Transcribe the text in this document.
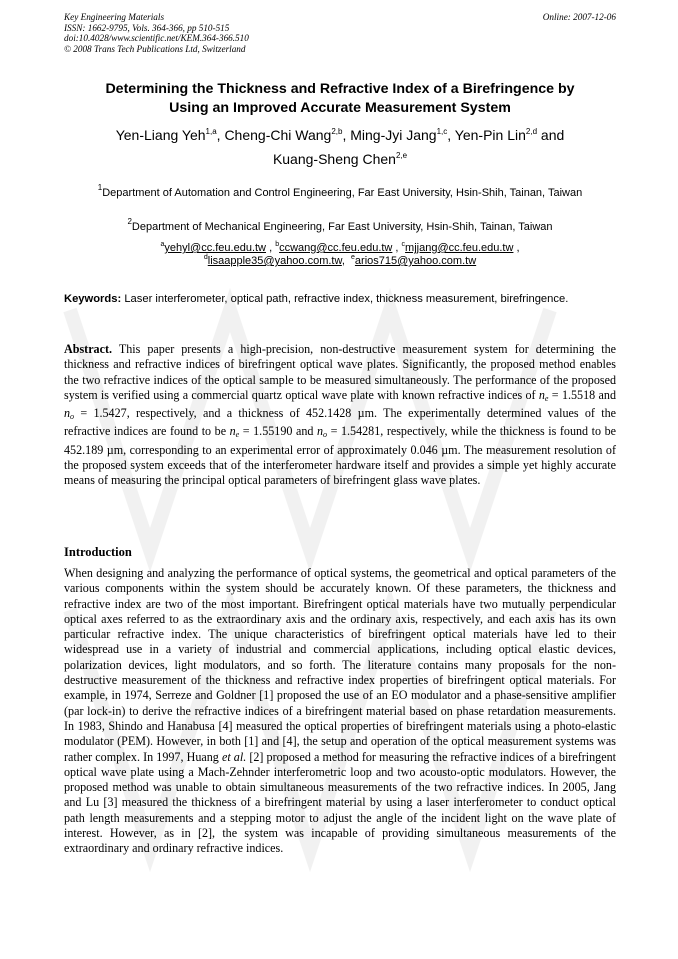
Key Engineering Materials
ISSN: 1662-9795, Vols. 364-366, pp 510-515
doi:10.4028/www.scientific.net/KEM.364-366.510
© 2008 Trans Tech Publications Ltd, Switzerland
Online: 2007-12-06
Determining the Thickness and Refractive Index of a Birefringence by
Using an Improved Accurate Measurement System
Yen-Liang Yeh$^{1,a}$, Cheng-Chi Wang$^{2,b}$, Ming-Jyi Jang$^{1,c}$, Yen-Pin Lin$^{2,d}$ and
Kuang-Sheng Chen$^{2,e}$
$^1$Department of Automation and Control Engineering, Far East University, Hsin-Shih, Tainan, Taiwan
$^2$Department of Mechanical Engineering, Far East University, Hsin-Shih, Tainan, Taiwan
$^a$yehyl@cc.feu.edu.tw , $^b$ccwang@cc.feu.edu.tw , $^c$mjjang@cc.feu.edu.tw ,
$^d$lisaapple35@yahoo.com.tw,  $^e$arios715@yahoo.com.tw
Keywords: Laser interferometer, optical path, refractive index, thickness measurement, birefringence.
Abstract. This paper presents a high-precision, non-destructive measurement system for determining the thickness and refractive indices of birefringent optical wave plates. Significantly, the proposed method enables the two refractive indices of the optical sample to be measured simultaneously. The performance of the proposed system is verified using a commercial quartz optical wave plate with known refractive indices of $n_e = 1.5518$ and $n_o = 1.5427$, respectively, and a thickness of 452.1428 µm. The experimentally determined values of the refractive indices are found to be $n_e = 1.55190$ and $n_o = 1.54281$, respectively, while the thickness is found to be 452.189 µm, corresponding to an experimental error of approximately 0.046 µm. The measurement resolution of the proposed system exceeds that of the interferometer hardware itself and provides a simple yet highly accurate means of measuring the principal optical parameters of birefringent glass wave plates.
Introduction
When designing and analyzing the performance of optical systems, the geometrical and optical parameters of the various components within the system should be accurately known. Of these parameters, the thickness and refractive index are two of the most important. Birefringent optical materials have two mutually perpendicular optical axes referred to as the extraordinary axis and the ordinary axis, respectively, and each axis has its own particular refractive index. The unique characteristics of birefringent optical materials have led to their widespread use in a variety of industrial and commercial applications, including optical elastic devices, polarization devices, light modulators, and so forth. The literature contains many proposals for the non-destructive measurement of the thickness and refractive index properties of birefringent optical materials. For example, in 1974, Serreze and Goldner [1] proposed the use of an EO modulator and a phase-sensitive amplifier (par lock-in) to derive the refractive indices of a birefringent material based on phase retardation measurements. In 1983, Shindo and Hanabusa [4] measured the optical properties of birefringent materials using a photo-elastic modulator (PEM). However, in both [1] and [4], the setup and operation of the optical measurement systems was rather complex. In 1997, Huang et al. [2] proposed a method for measuring the refractive indices of a birefringent optical wave plate using a Mach-Zehnder interferometric loop and two acousto-optic modulators. However, the proposed method was unable to obtain simultaneous measurements of the two refractive indices. In 2005, Jang and Lu [3] measured the thickness of a birefringent material by using a laser interferometer to conduct optical path length measurements and a stepping motor to adjust the angle of the incident light on the wave plate of interest. However, as in [2], the system was incapable of providing simultaneous measurements of the extraordinary and ordinary refractive indices.
